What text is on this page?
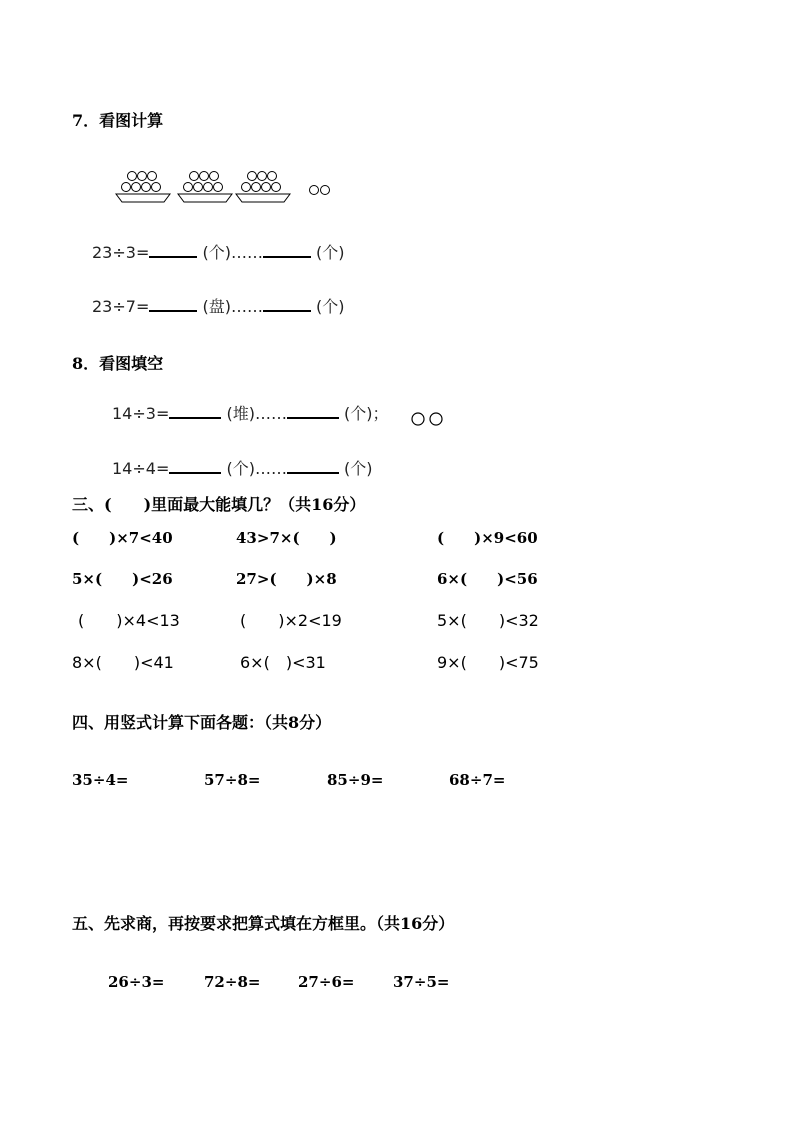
7．看图计算
23÷3=	(个)……	(个)
23÷7=	(盘)……	(个)
8．看图填空
14÷3=	(堆)……	(个)；
14÷4=	(个)……	(个)
三、(　　)里面最大能填几？（共16分）
(　　)×7<40	43>7×(　　)	(　　)×9<60
5×(　　)<26	27>(　　)×8	6×(　　)<56
(　　)×4<13	(　　)×2<19	5×(　　)<32
8×(　　)<41	6×(　)<31	9×(　　)<75
四、用竖式计算下面各题：（共8分）
35÷4=	57÷8=	85÷9=	68÷7=
五、先求商，再按要求把算式填在方框里。（共16分）
26÷3=	72÷8=	27÷6=	37÷5=
